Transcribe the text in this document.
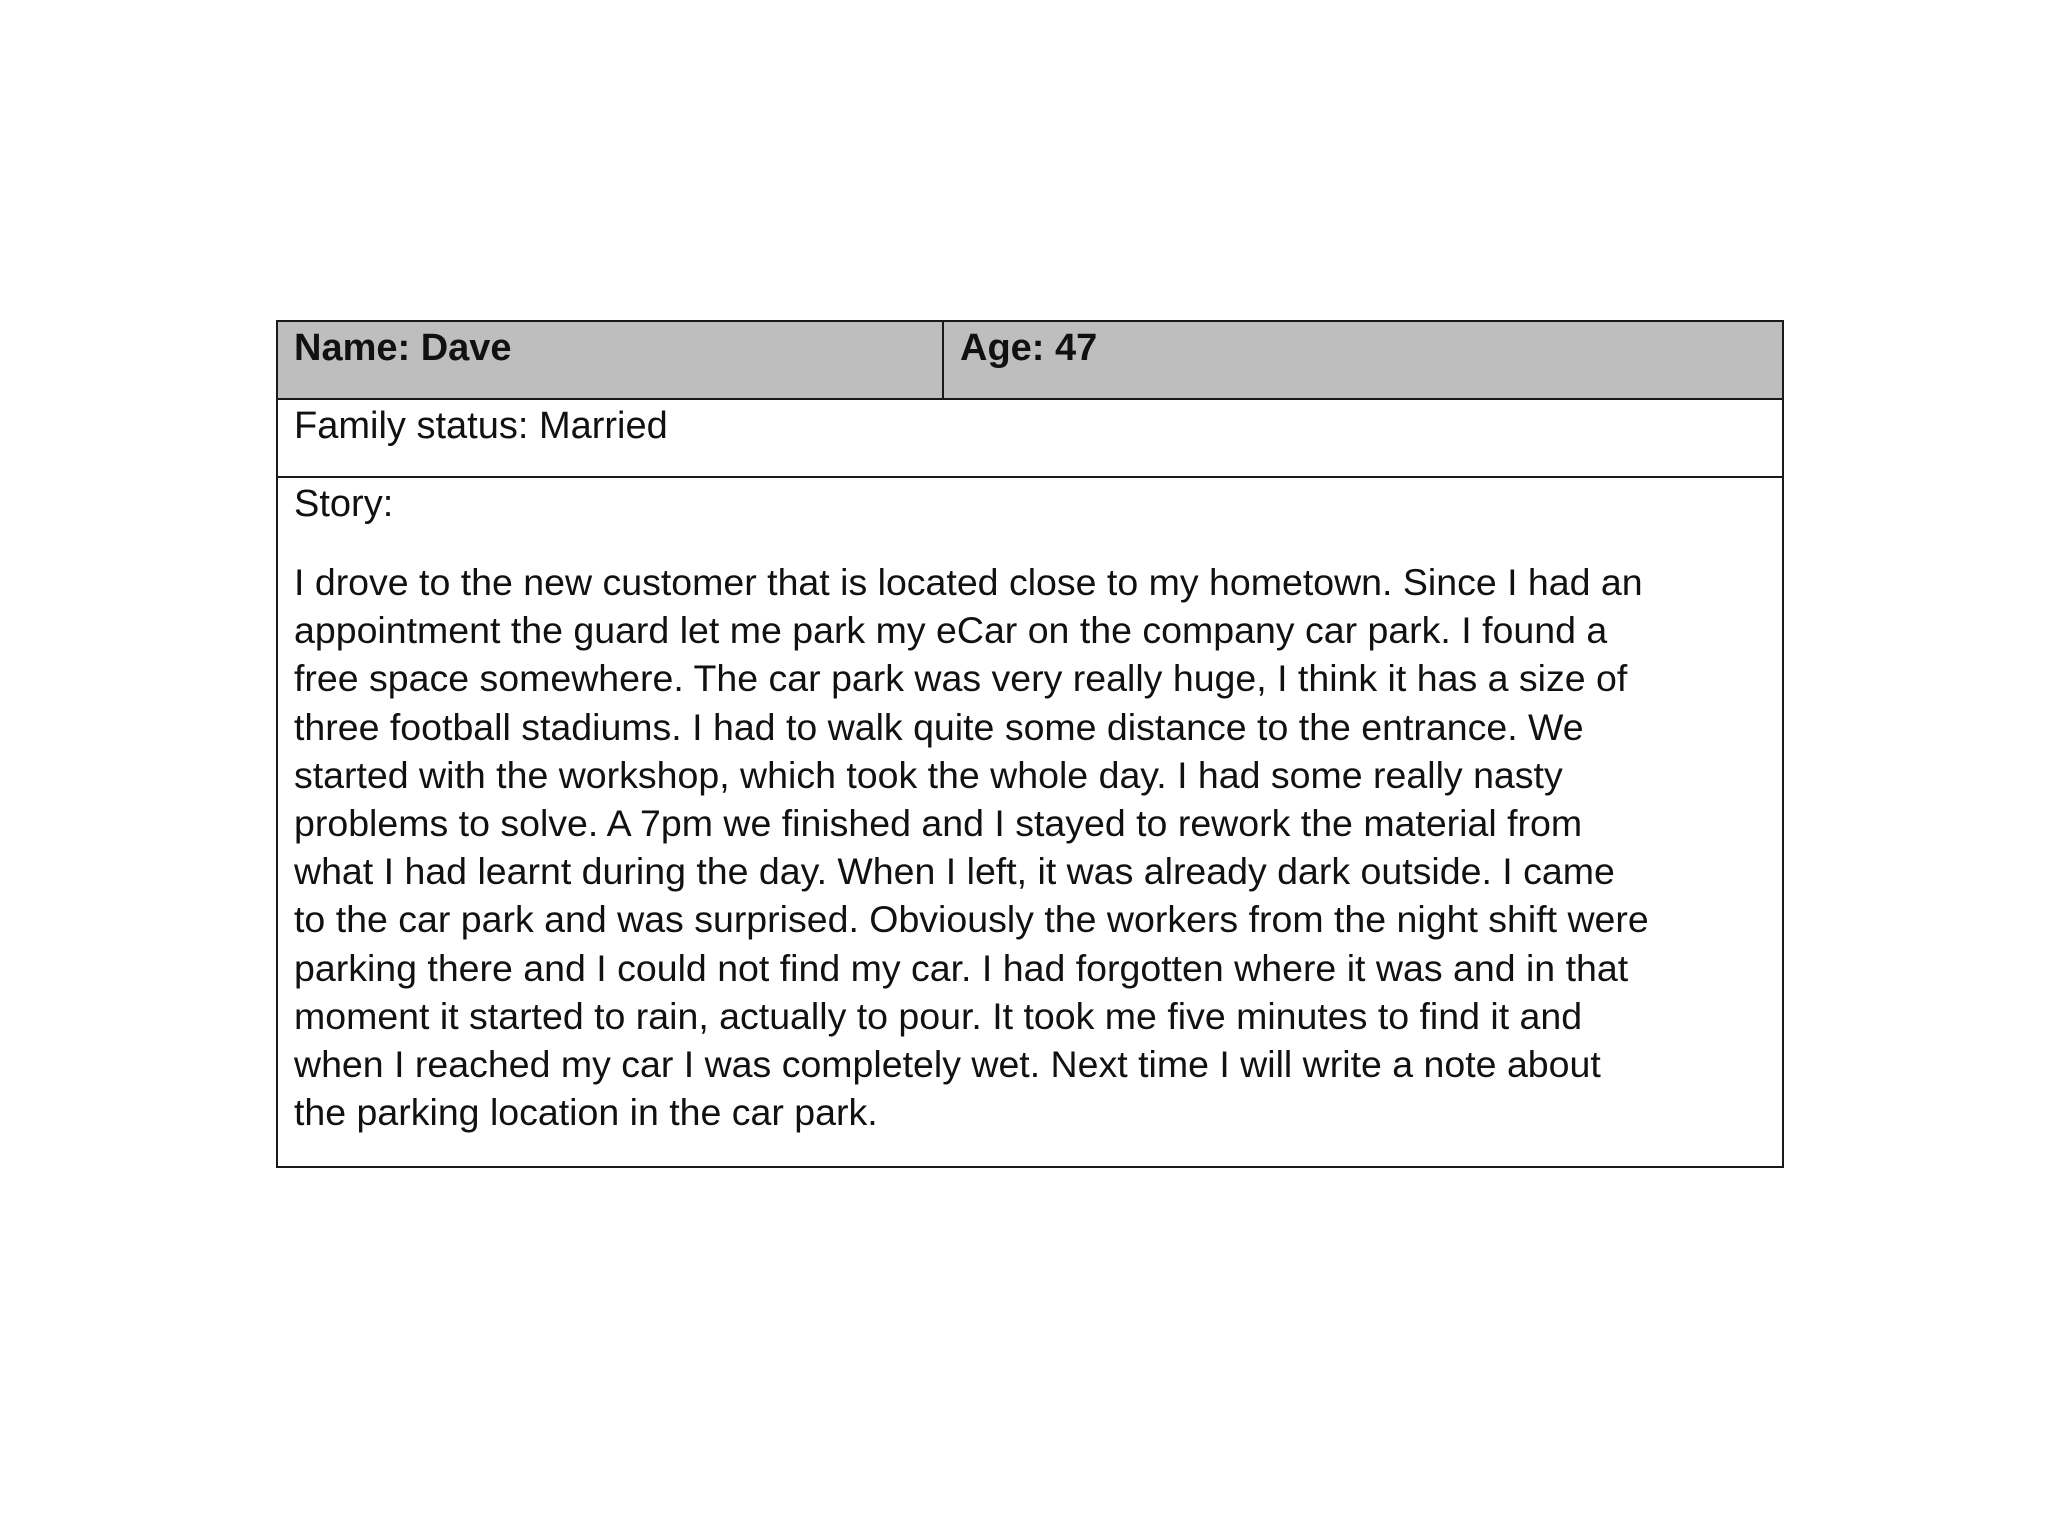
Name: Dave	Age: 47
Family status: Married

Story:

I drove to the new customer that is located close to my hometown. Since I had an
appointment the guard let me park my eCar on the company car park. I found a
free space somewhere. The car park was very really huge, I think it has a size of
three football stadiums. I had to walk quite some distance to the entrance. We
started with the workshop, which took the whole day. I had some really nasty
problems to solve. A 7pm we finished and I stayed to rework the material from
what I had learnt during the day. When I left, it was already dark outside. I came
to the car park and was surprised. Obviously the workers from the night shift were
parking there and I could not find my car. I had forgotten where it was and in that
moment it started to rain, actually to pour. It took me five minutes to find it and
when I reached my car I was completely wet. Next time I will write a note about
the parking location in the car park.
